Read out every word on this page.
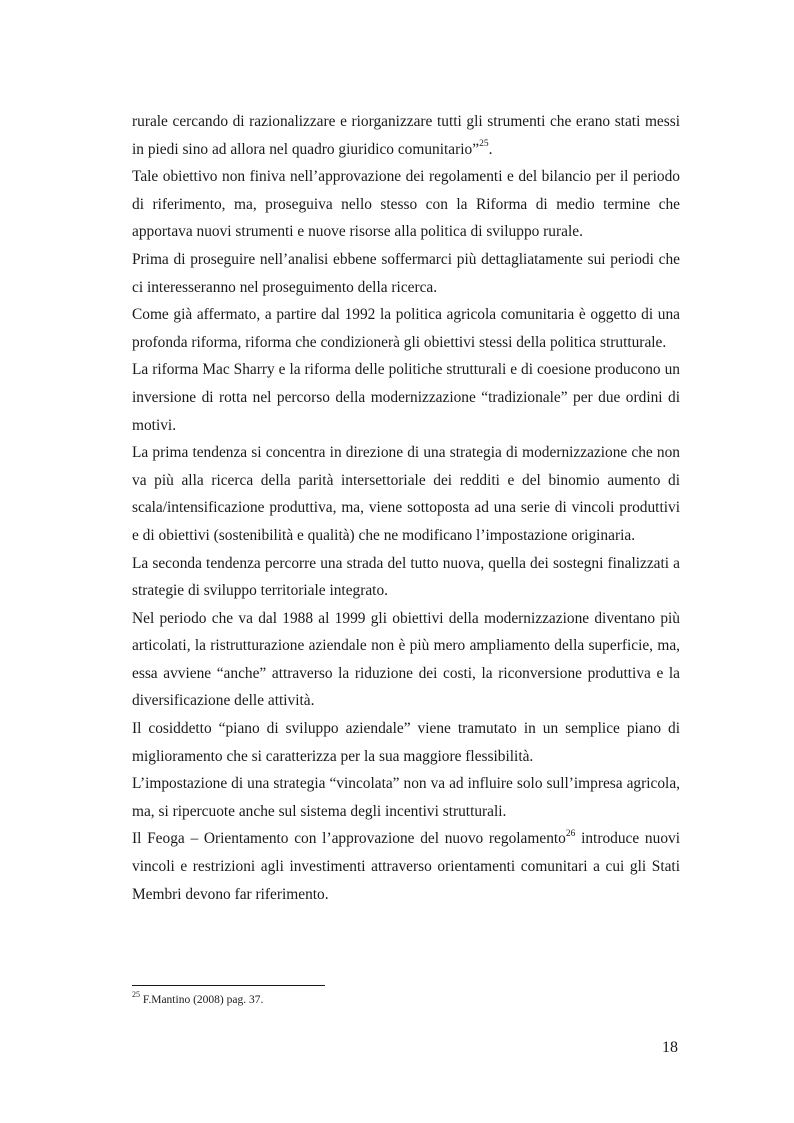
rurale cercando di razionalizzare e riorganizzare tutti gli strumenti che erano stati messi in piedi sino ad allora nel quadro giuridico comunitario”$^{25}$.

Tale obiettivo non finiva nell’approvazione dei regolamenti e del bilancio per il periodo di riferimento, ma, proseguiva nello stesso con la Riforma di medio termine che apportava nuovi strumenti e nuove risorse alla politica di sviluppo rurale.

Prima di proseguire nell’analisi ebbene soffermarci più dettagliatamente sui periodi che ci interesseranno nel proseguimento della ricerca.

Come già affermato, a partire dal 1992 la politica agricola comunitaria è oggetto di una profonda riforma, riforma che condizionerà gli obiettivi stessi della politica strutturale.

La riforma Mac Sharry e la riforma delle politiche strutturali e di coesione producono un inversione di rotta nel percorso della modernizzazione “tradizionale” per due ordini di motivi.

La prima tendenza si concentra in direzione di una strategia di modernizzazione che non va più alla ricerca della parità intersettoriale dei redditi e del binomio aumento di scala/intensificazione produttiva, ma, viene sottoposta ad una serie di vincoli produttivi e di obiettivi (sostenibilità e qualità) che ne modificano l’impostazione originaria.

La seconda tendenza percorre una strada del tutto nuova, quella dei sostegni finalizzati a strategie di sviluppo territoriale integrato.

Nel periodo che va dal 1988 al 1999 gli obiettivi della modernizzazione diventano più articolati, la ristrutturazione aziendale non è più mero ampliamento della superficie, ma, essa avviene “anche” attraverso la riduzione dei costi, la riconversione produttiva e la diversificazione delle attività.

Il cosiddetto “piano di sviluppo aziendale” viene tramutato in un semplice piano di miglioramento che si caratterizza per la sua maggiore flessibilità.

L’impostazione di una strategia “vincolata” non va ad influire solo sull’impresa agricola, ma, si ripercuote anche sul sistema degli incentivi strutturali.

Il Feoga – Orientamento con l’approvazione del nuovo regolamento$^{26}$ introduce nuovi vincoli e restrizioni agli investimenti attraverso orientamenti comunitari a cui gli Stati Membri devono far riferimento.

$^{25}$ F.Mantino (2008) pag. 37.
18
